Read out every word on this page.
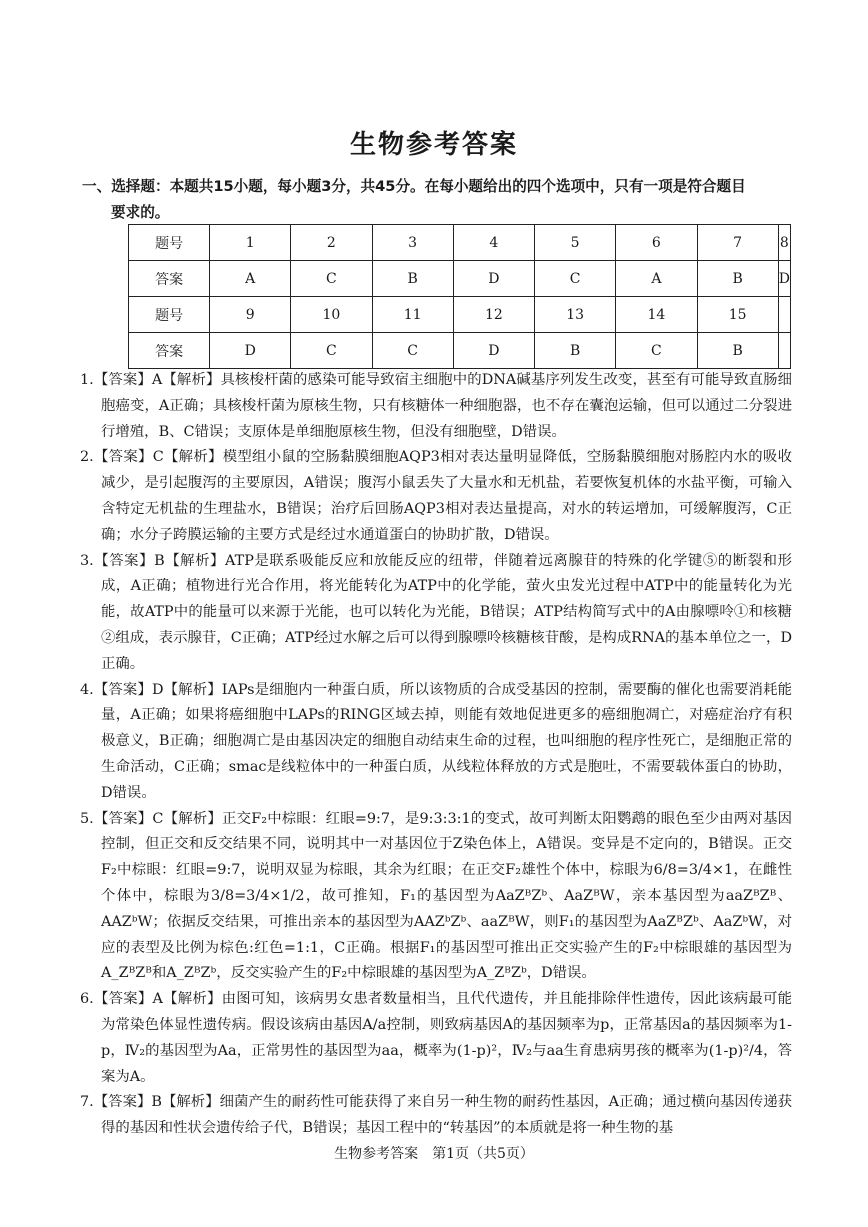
生物参考答案
一、选择题：本题共15小题，每小题3分，共45分。在每小题给出的四个选项中，只有一项是符合题目
要求的。
题号	1	2	3	4	5	6	7	8
答案	A	C	B	D	C	A	B	D
题号	9	10	11	12	13	14	15	
答案	D	C	C	D	B	C	B	
1.【答案】A【解析】具核梭杆菌的感染可能导致宿主细胞中的DNA碱基序列发生改变，甚至有可能导致直肠细胞癌变，A正确；具核梭杆菌为原核生物，只有核糖体一种细胞器，也不存在囊泡运输，但可以通过二分裂进行增殖，B、C错误；支原体是单细胞原核生物，但没有细胞壁，D错误。
2.【答案】C【解析】模型组小鼠的空肠黏膜细胞AQP3相对表达量明显降低，空肠黏膜细胞对肠腔内水的吸收减少，是引起腹泻的主要原因，A错误；腹泻小鼠丢失了大量水和无机盐，若要恢复机体的水盐平衡，可输入含特定无机盐的生理盐水，B错误；治疗后回肠AQP3相对表达量提高，对水的转运增加，可缓解腹泻，C正确；水分子跨膜运输的主要方式是经过水通道蛋白的协助扩散，D错误。
3.【答案】B【解析】ATP是联系吸能反应和放能反应的纽带，伴随着远离腺苷的特殊的化学键⑤的断裂和形成，A正确；植物进行光合作用，将光能转化为ATP中的化学能，萤火虫发光过程中ATP中的能量转化为光能，故ATP中的能量可以来源于光能，也可以转化为光能，B错误；ATP结构简写式中的A由腺嘌呤①和核糖②组成，表示腺苷，C正确；ATP经过水解之后可以得到腺嘌呤核糖核苷酸，是构成RNA的基本单位之一，D正确。
4.【答案】D【解析】IAPs是细胞内一种蛋白质，所以该物质的合成受基因的控制，需要酶的催化也需要消耗能量，A正确；如果将癌细胞中LAPs的RING区域去掉，则能有效地促进更多的癌细胞凋亡，对癌症治疗有积极意义，B正确；细胞凋亡是由基因决定的细胞自动结束生命的过程，也叫细胞的程序性死亡，是细胞正常的生命活动，C正确；smac是线粒体中的一种蛋白质，从线粒体释放的方式是胞吐，不需要载体蛋白的协助，D错误。
5.【答案】C【解析】正交F₂中棕眼：红眼=9:7，是9:3:3:1的变式，故可判断太阳鹦鹉的眼色至少由两对基因控制，但正交和反交结果不同，说明其中一对基因位于Z染色体上，A错误。变异是不定向的，B错误。正交F₂中棕眼：红眼=9:7，说明双显为棕眼，其余为红眼；在正交F₂雄性个体中，棕眼为6/8=3/4×1，在雌性个体中，棕眼为3/8=3/4×1/2，故可推知，F₁的基因型为AaZᴮZᵇ、AaZᴮW，亲本基因型为aaZᴮZᴮ、AAZᵇW；依据反交结果，可推出亲本的基因型为AAZᵇZᵇ、aaZᴮW，则F₁的基因型为AaZᴮZᵇ、AaZᵇW，对应的表型及比例为棕色:红色=1:1，C正确。根据F₁的基因型可推出正交实验产生的F₂中棕眼雄的基因型为A_ZᴮZᴮ和A_ZᴮZᵇ，反交实验产生的F₂中棕眼雄的基因型为A_ZᴮZᵇ，D错误。
6.【答案】A【解析】由图可知，该病男女患者数量相当，且代代遗传，并且能排除伴性遗传，因此该病最可能为常染色体显性遗传病。假设该病由基因A/a控制，则致病基因A的基因频率为p，正常基因a的基因频率为1-p，Ⅳ₂的基因型为Aa，正常男性的基因型为aa，概率为(1-p)²，Ⅳ₂与aa生育患病男孩的概率为(1-p)²/4，答案为A。
7.【答案】B【解析】细菌产生的耐药性可能获得了来自另一种生物的耐药性基因，A正确；通过横向基因传递获得的基因和性状会遗传给子代，B错误；基因工程中的“转基因”的本质就是将一种生物的基
生物参考答案　第1页（共5页）
